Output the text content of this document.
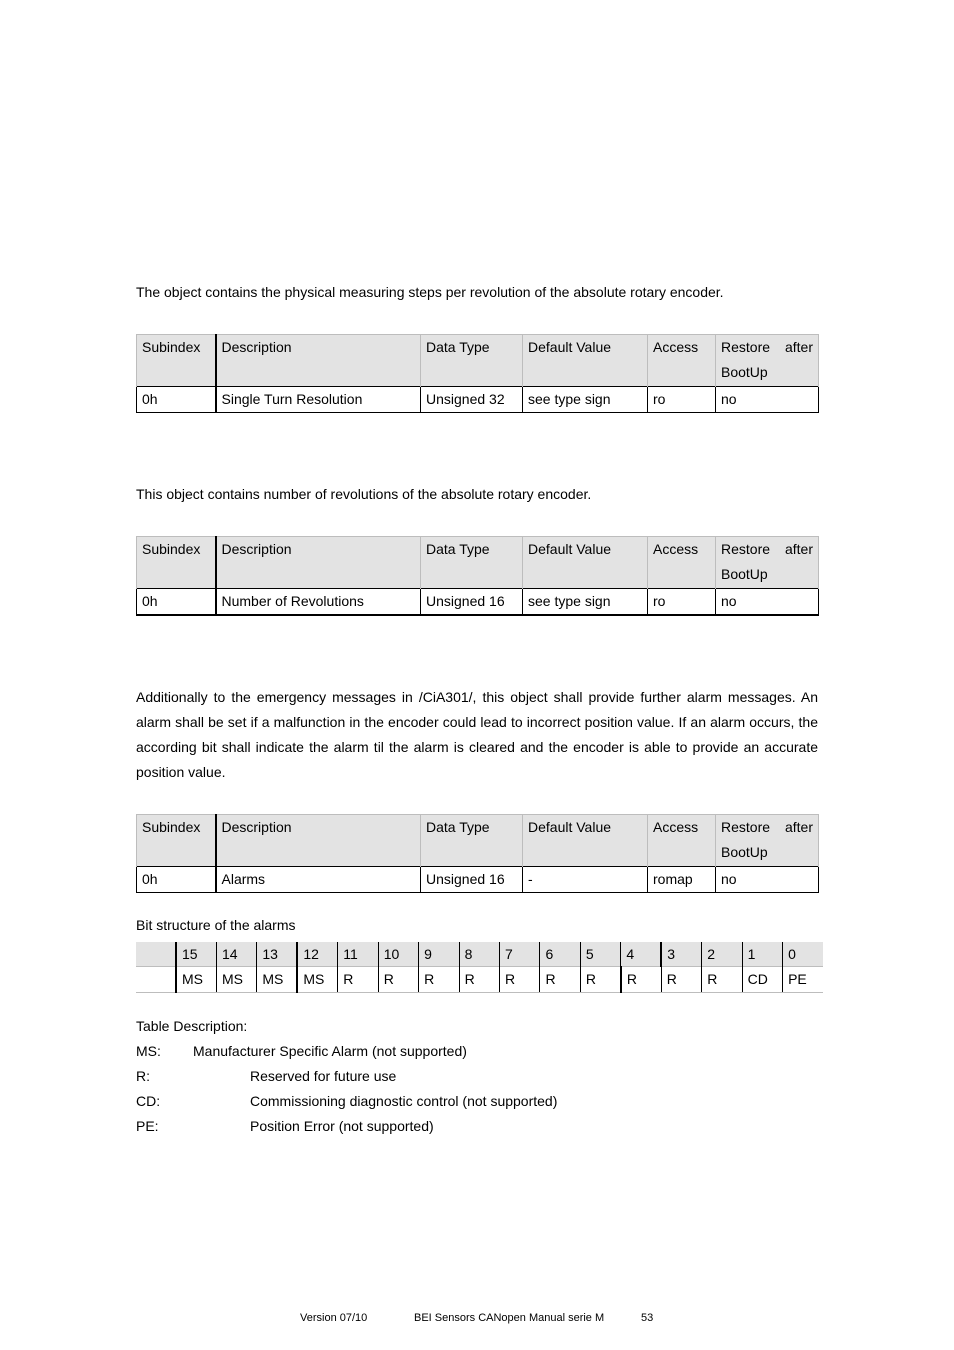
The object contains the physical measuring steps per revolution of the absolute rotary encoder.
Subindex	Description	Data Type	Default Value	Access	Restore after
BootUp

0h	Single Turn Resolution	Unsigned 32	see type sign	ro	no
This object contains number of revolutions of the absolute rotary encoder.
Subindex	Description	Data Type	Default Value	Access	Restore after
BootUp

0h	Number of Revolutions	Unsigned 16	see type sign	ro	no
Additionally to the emergency messages in /CiA301/, this object shall provide further alarm messages. An alarm shall be set if a malfunction in the encoder could lead to incorrect position value. If an alarm occurs, the according bit shall indicate the alarm til the alarm is cleared and the encoder is able to provide an accurate position value.
Subindex	Description	Data Type	Default Value	Access	Restore after
BootUp

0h	Alarms	Unsigned 16	-	romap	no
Bit structure of the alarms
	15	14	13	12	11	10	9	8	7	6	5	4	3	2	1	0
	MS	MS	MS	MS	R	R	R	R	R	R	R	R	R	R	CD	PE
Table Description:
MS: Manufacturer Specific Alarm (not supported)
R:	Reserved for future use
CD:	Commissioning diagnostic control (not supported)
PE:	Position Error (not supported)
Version 07/10	BEI Sensors CANopen Manual serie M	53
